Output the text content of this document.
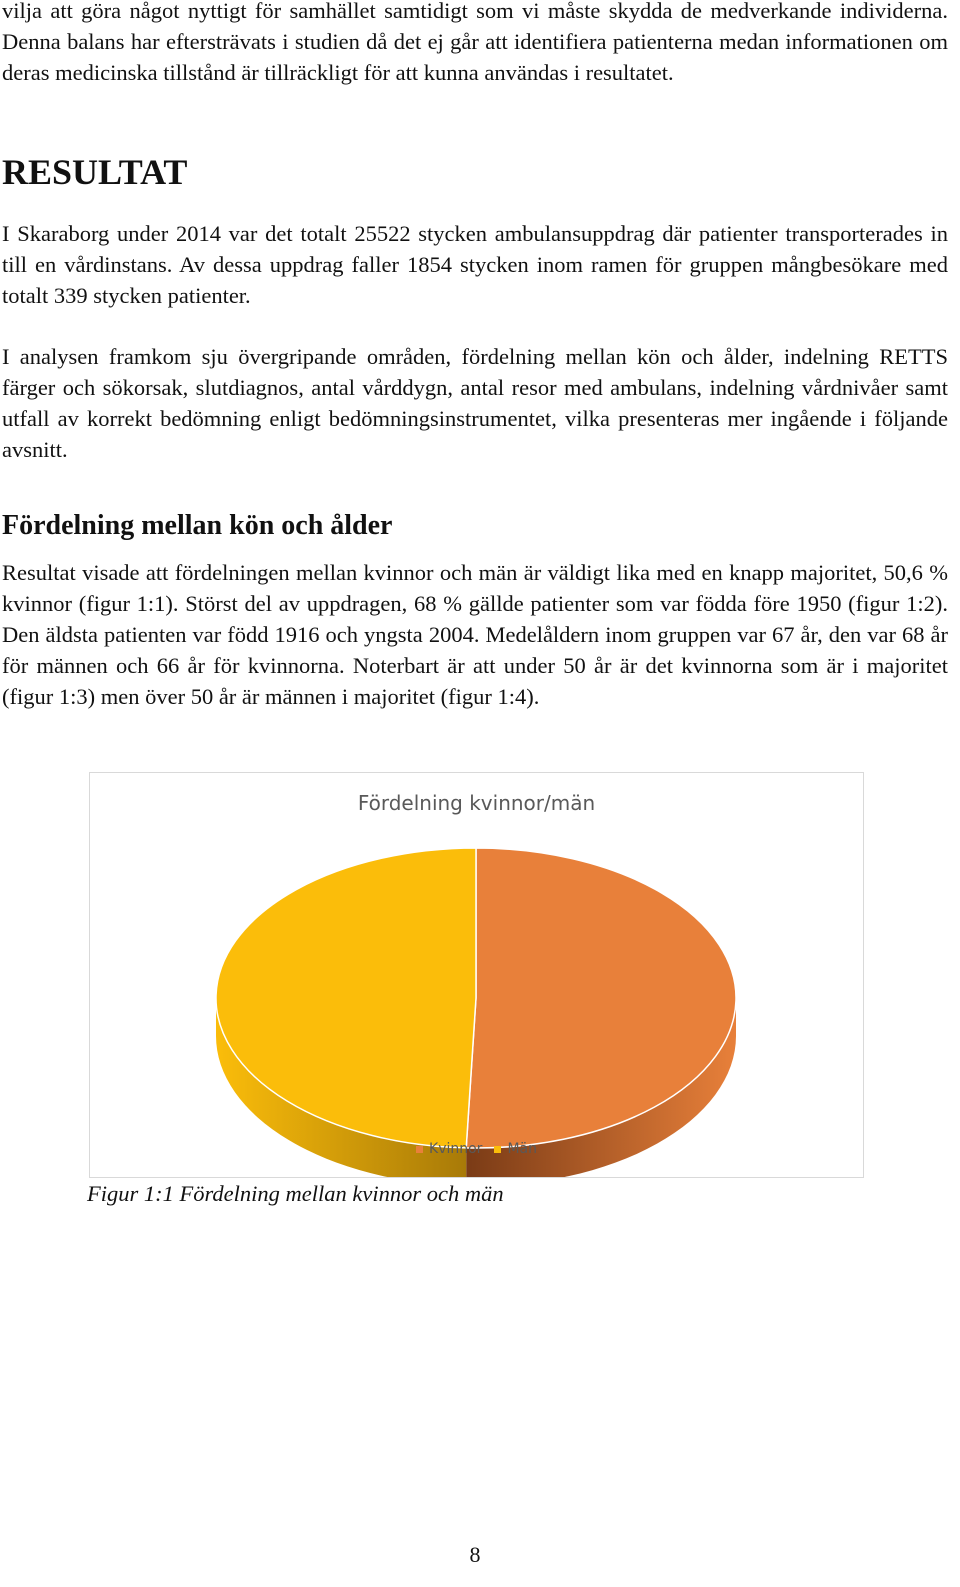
vilja att göra något nyttigt för samhället samtidigt som vi måste skydda de medverkande individerna. Denna balans har eftersträvats i studien då det ej går att identifiera patienterna medan informationen om deras medicinska tillstånd är tillräckligt för att kunna användas i resultatet.

RESULTAT

I Skaraborg under 2014 var det totalt 25522 stycken ambulansuppdrag där patienter transporterades in till en vårdinstans. Av dessa uppdrag faller 1854 stycken inom ramen för gruppen mångbesökare med totalt 339 stycken patienter.

I analysen framkom sju övergripande områden, fördelning mellan kön och ålder, indelning RETTS färger och sökorsak, slutdiagnos, antal vårddygn, antal resor med ambulans, indelning vårdnivåer samt utfall av korrekt bedömning enligt bedömningsinstrumentet, vilka presenteras mer ingående i följande avsnitt.

Fördelning mellan kön och ålder

Resultat visade att fördelningen mellan kvinnor och män är väldigt lika med en knapp majoritet, 50,6 % kvinnor (figur 1:1). Störst del av uppdragen, 68 % gällde patienter som var födda före 1950 (figur 1:2). Den äldsta patienten var född 1916 och yngsta 2004. Medelåldern inom gruppen var 67 år, den var 68 år för männen och 66 år för kvinnorna. Noterbart är att under 50 år är det kvinnorna som är i majoritet (figur 1:3) men över 50 år är männen i majoritet (figur 1:4).

Fördelning kvinnor/män
Kvinnor Män

Figur 1:1 Fördelning mellan kvinnor och män

8
